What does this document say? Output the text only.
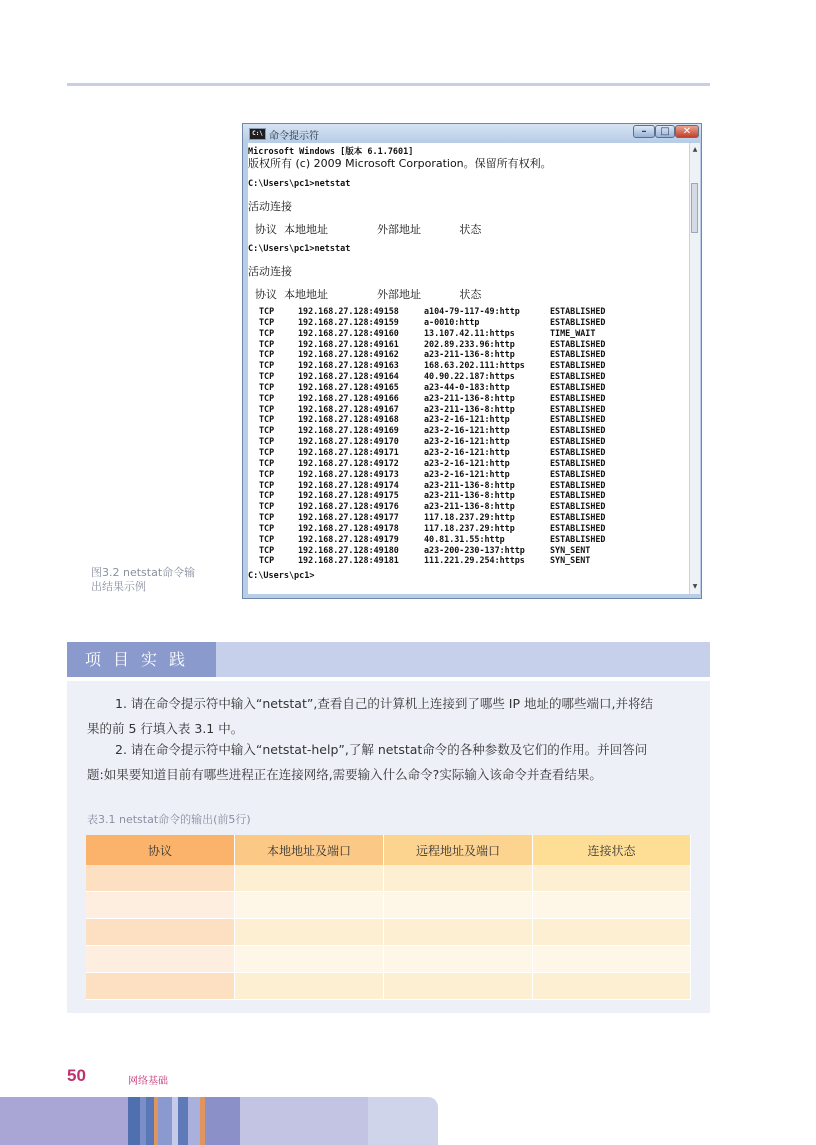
C:\ 命令提示符	–	□	✕
Microsoft Windows [版本 6.1.7601]
版权所有 (c) 2009 Microsoft Corporation。保留所有权利。
C:\Users\pc1>netstat
活动连接
协议  本地地址              外部地址           状态
C:\Users\pc1>netstat
活动连接
协议  本地地址              外部地址           状态
TCP	192.168.27.128:49158	a104-79-117-49:http	ESTABLISHED
TCP	192.168.27.128:49159	a-0010:http	ESTABLISHED
TCP	192.168.27.128:49160	13.107.42.11:https	TIME_WAIT
TCP	192.168.27.128:49161	202.89.233.96:http	ESTABLISHED
TCP	192.168.27.128:49162	a23-211-136-8:http	ESTABLISHED
TCP	192.168.27.128:49163	168.63.202.111:https	ESTABLISHED
TCP	192.168.27.128:49164	40.90.22.187:https	ESTABLISHED
TCP	192.168.27.128:49165	a23-44-0-183:http	ESTABLISHED
TCP	192.168.27.128:49166	a23-211-136-8:http	ESTABLISHED
TCP	192.168.27.128:49167	a23-211-136-8:http	ESTABLISHED
TCP	192.168.27.128:49168	a23-2-16-121:http	ESTABLISHED
TCP	192.168.27.128:49169	a23-2-16-121:http	ESTABLISHED
TCP	192.168.27.128:49170	a23-2-16-121:http	ESTABLISHED
TCP	192.168.27.128:49171	a23-2-16-121:http	ESTABLISHED
TCP	192.168.27.128:49172	a23-2-16-121:http	ESTABLISHED
TCP	192.168.27.128:49173	a23-2-16-121:http	ESTABLISHED
TCP	192.168.27.128:49174	a23-211-136-8:http	ESTABLISHED
TCP	192.168.27.128:49175	a23-211-136-8:http	ESTABLISHED
TCP	192.168.27.128:49176	a23-211-136-8:http	ESTABLISHED
TCP	192.168.27.128:49177	117.18.237.29:http	ESTABLISHED
TCP	192.168.27.128:49178	117.18.237.29:http	ESTABLISHED
TCP	192.168.27.128:49179	40.81.31.55:http	ESTABLISHED
TCP	192.168.27.128:49180	a23-200-230-137:http	SYN_SENT
TCP	192.168.27.128:49181	111.221.29.254:https	SYN_SENT
C:\Users\pc1>
▲
▼
图3.2 netstat命令输
出结果示例
项目实践
1. 请在命令提示符中输入“netstat”,查看自己的计算机上连接到了哪些 IP 地址的哪些端口,并将结
果的前 5 行填入表 3.1 中。
2. 请在命令提示符中输入“netstat-help”,了解 netstat命令的各种参数及它们的作用。并回答问
题:如果要知道目前有哪些进程正在连接网络,需要输入什么命令?实际输入该命令并查看结果。
表3.1 netstat命令的输出(前5行)
协议	本地地址及端口	远程地址及端口	连接状态

50	网络基础
